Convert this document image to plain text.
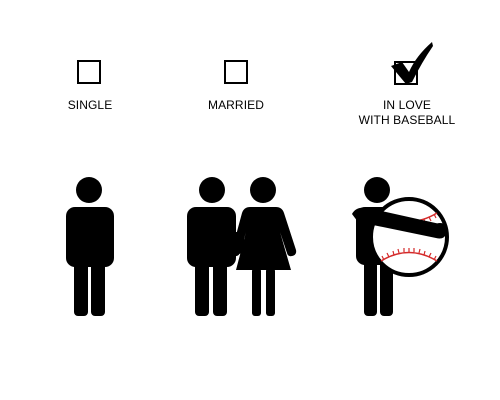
SINGLE	MARRIED	IN LOVE
WITH BASEBALL
